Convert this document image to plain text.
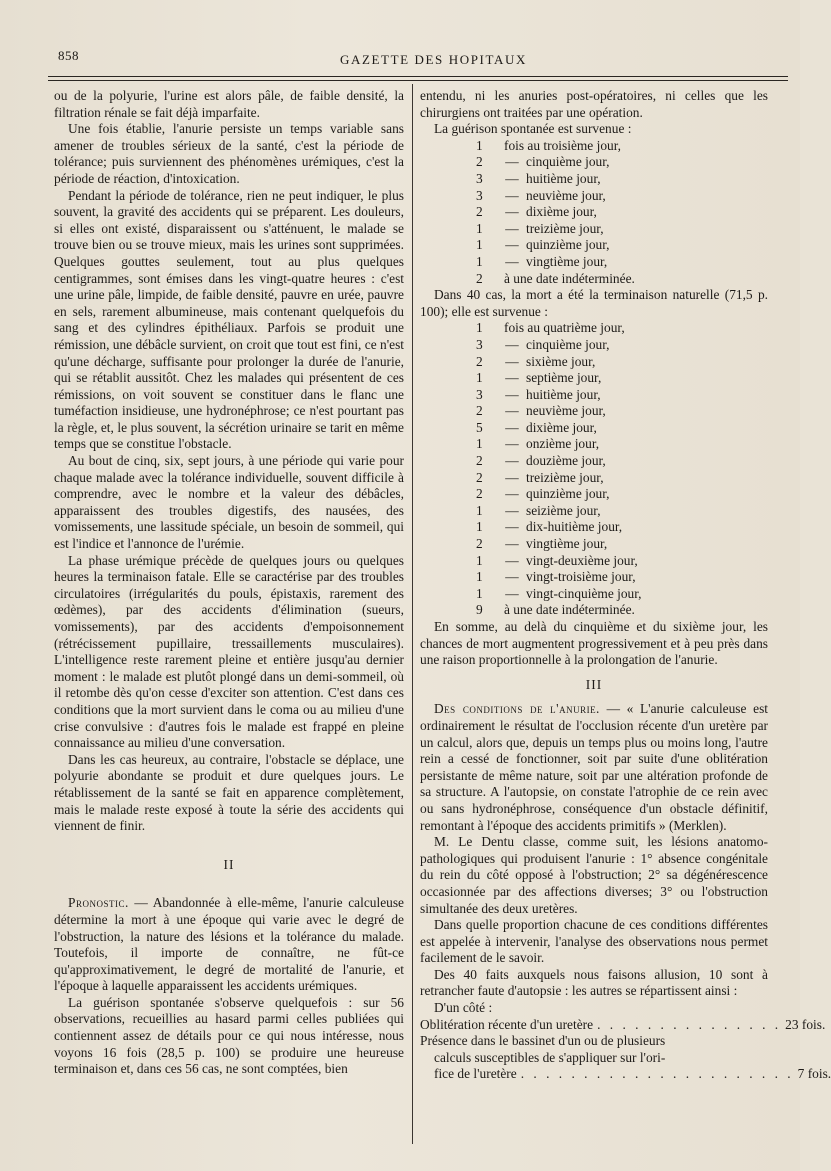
858	GAZETTE DES HOPITAUX

ou de la polyurie, l'urine est alors pâle, de faible densité, la filtration rénale se fait déjà imparfaite.

Une fois établie, l'anurie persiste un temps variable sans amener de troubles sérieux de la santé, c'est la période de tolérance; puis surviennent des phénomènes urémiques, c'est la période de réaction, d'intoxication.

Pendant la période de tolérance, rien ne peut indiquer, le plus souvent, la gravité des accidents qui se préparent. Les douleurs, si elles ont existé, disparaissent ou s'atténuent, le malade se trouve bien ou se trouve mieux, mais les urines sont supprimées. Quelques gouttes seulement, tout au plus quelques centigrammes, sont émises dans les vingt-quatre heures : c'est une urine pâle, limpide, de faible densité, pauvre en urée, pauvre en sels, rarement albumineuse, mais contenant quelquefois du sang et des cylindres épithéliaux. Parfois se produit une rémission, une débâcle survient, on croit que tout est fini, ce n'est qu'une décharge, suffisante pour prolonger la durée de l'anurie, qui se rétablit aussitôt. Chez les malades qui présentent de ces rémissions, on voit souvent se constituer dans le flanc une tuméfaction insidieuse, une hydronéphrose; ce n'est pourtant pas la règle, et, le plus souvent, la sécrétion urinaire se tarit en même temps que se constitue l'obstacle.

Au bout de cinq, six, sept jours, à une période qui varie pour chaque malade avec la tolérance individuelle, souvent difficile à comprendre, avec le nombre et la valeur des débâcles, apparaissent des troubles digestifs, des nausées, des vomissements, une lassitude spéciale, un besoin de sommeil, qui est l'indice et l'annonce de l'urémie.

La phase urémique précède de quelques jours ou quelques heures la terminaison fatale. Elle se caractérise par des troubles circulatoires (irrégularités du pouls, épistaxis, rarement des œdèmes), par des accidents d'élimination (sueurs, vomissements), par des accidents d'empoisonnement (rétrécissement pupillaire, tressaillements musculaires). L'intelligence reste rarement pleine et entière jusqu'au dernier moment : le malade est plutôt plongé dans un demi-sommeil, où il retombe dès qu'on cesse d'exciter son attention. C'est dans ces conditions que la mort survient dans le coma ou au milieu d'une crise convulsive : d'autres fois le malade est frappé en pleine connaissance au milieu d'une conversation.

Dans les cas heureux, au contraire, l'obstacle se déplace, une polyurie abondante se produit et dure quelques jours. Le rétablissement de la santé se fait en apparence complètement, mais le malade reste exposé à toute la série des accidents qui viennent de finir.

II

Pronostic. — Abandonnée à elle-même, l'anurie calculeuse détermine la mort à une époque qui varie avec le degré de l'obstruction, la nature des lésions et la tolérance du malade. Toutefois, il importe de connaître, ne fût-ce qu'approximativement, le degré de mortalité de l'anurie, et l'époque à laquelle apparaissent les accidents urémiques.

La guérison spontanée s'observe quelquefois : sur 56 observations, recueillies au hasard parmi celles publiées qui contiennent assez de détails pour ce qui nous intéresse, nous voyons 16 fois (28,5 p. 100) se produire une heureuse terminaison et, dans ces 56 cas, ne sont comptées, bien

entendu, ni les anuries post-opératoires, ni celles que les chirurgiens ont traitées par une opération.

La guérison spontanée est survenue :

1	fois au troisième jour,
2	— cinquième jour,
3	— huitième jour,
3	— neuvième jour,
2	— dixième jour,
1	— treizième jour,
1	— quinzième jour,
1	— vingtième jour,
2	à une date indéterminée.

Dans 40 cas, la mort a été la terminaison naturelle (71,5 p. 100); elle est survenue :

1	fois au quatrième jour,
3	— cinquième jour,
2	— sixième jour,
1	— septième jour,
3	— huitième jour,
2	— neuvième jour,
5	— dixième jour,
1	— onzième jour,
2	— douzième jour,
2	— treizième jour,
2	— quinzième jour,
1	— seizième jour,
1	— dix-huitième jour,
2	— vingtième jour,
1	— vingt-deuxième jour,
1	— vingt-troisième jour,
1	— vingt-cinquième jour,
9	à une date indéterminée.

En somme, au delà du cinquième et du sixième jour, les chances de mort augmentent progressivement et à peu près dans une raison proportionnelle à la prolongation de l'anurie.

III

Des conditions de l'anurie. — « L'anurie calculeuse est ordinairement le résultat de l'occlusion récente d'un uretère par un calcul, alors que, depuis un temps plus ou moins long, l'autre rein a cessé de fonctionner, soit par suite d'une oblitération persistante de même nature, soit par une altération profonde de sa structure. A l'autopsie, on constate l'atrophie de ce rein avec ou sans hydronéphrose, conséquence d'un obstacle définitif, remontant à l'époque des accidents primitifs » (Merklen).

M. Le Dentu classe, comme suit, les lésions anatomo-pathologiques qui produisent l'anurie : 1° absence congénitale du rein du côté opposé à l'obstruction; 2° sa dégénérescence occasionnée par des affections diverses; 3° ou l'obstruction simultanée des deux uretères.

Dans quelle proportion chacune de ces conditions différentes est appelée à intervenir, l'analyse des observations nous permet facilement de le savoir.

Des 40 faits auxquels nous faisons allusion, 10 sont à retrancher faute d'autopsie : les autres se répartissent ainsi :

D'un côté :

Oblitération récente d'un uretère . . . . . . . . . . . . . . . 23 fois.

Présence dans le bassinet d'un ou de plusieurs

calculs susceptibles de s'appliquer sur l'ori-

fice de l'uretère . . . . . . . . . . . . . . . . . . . . . . 7 fois.
